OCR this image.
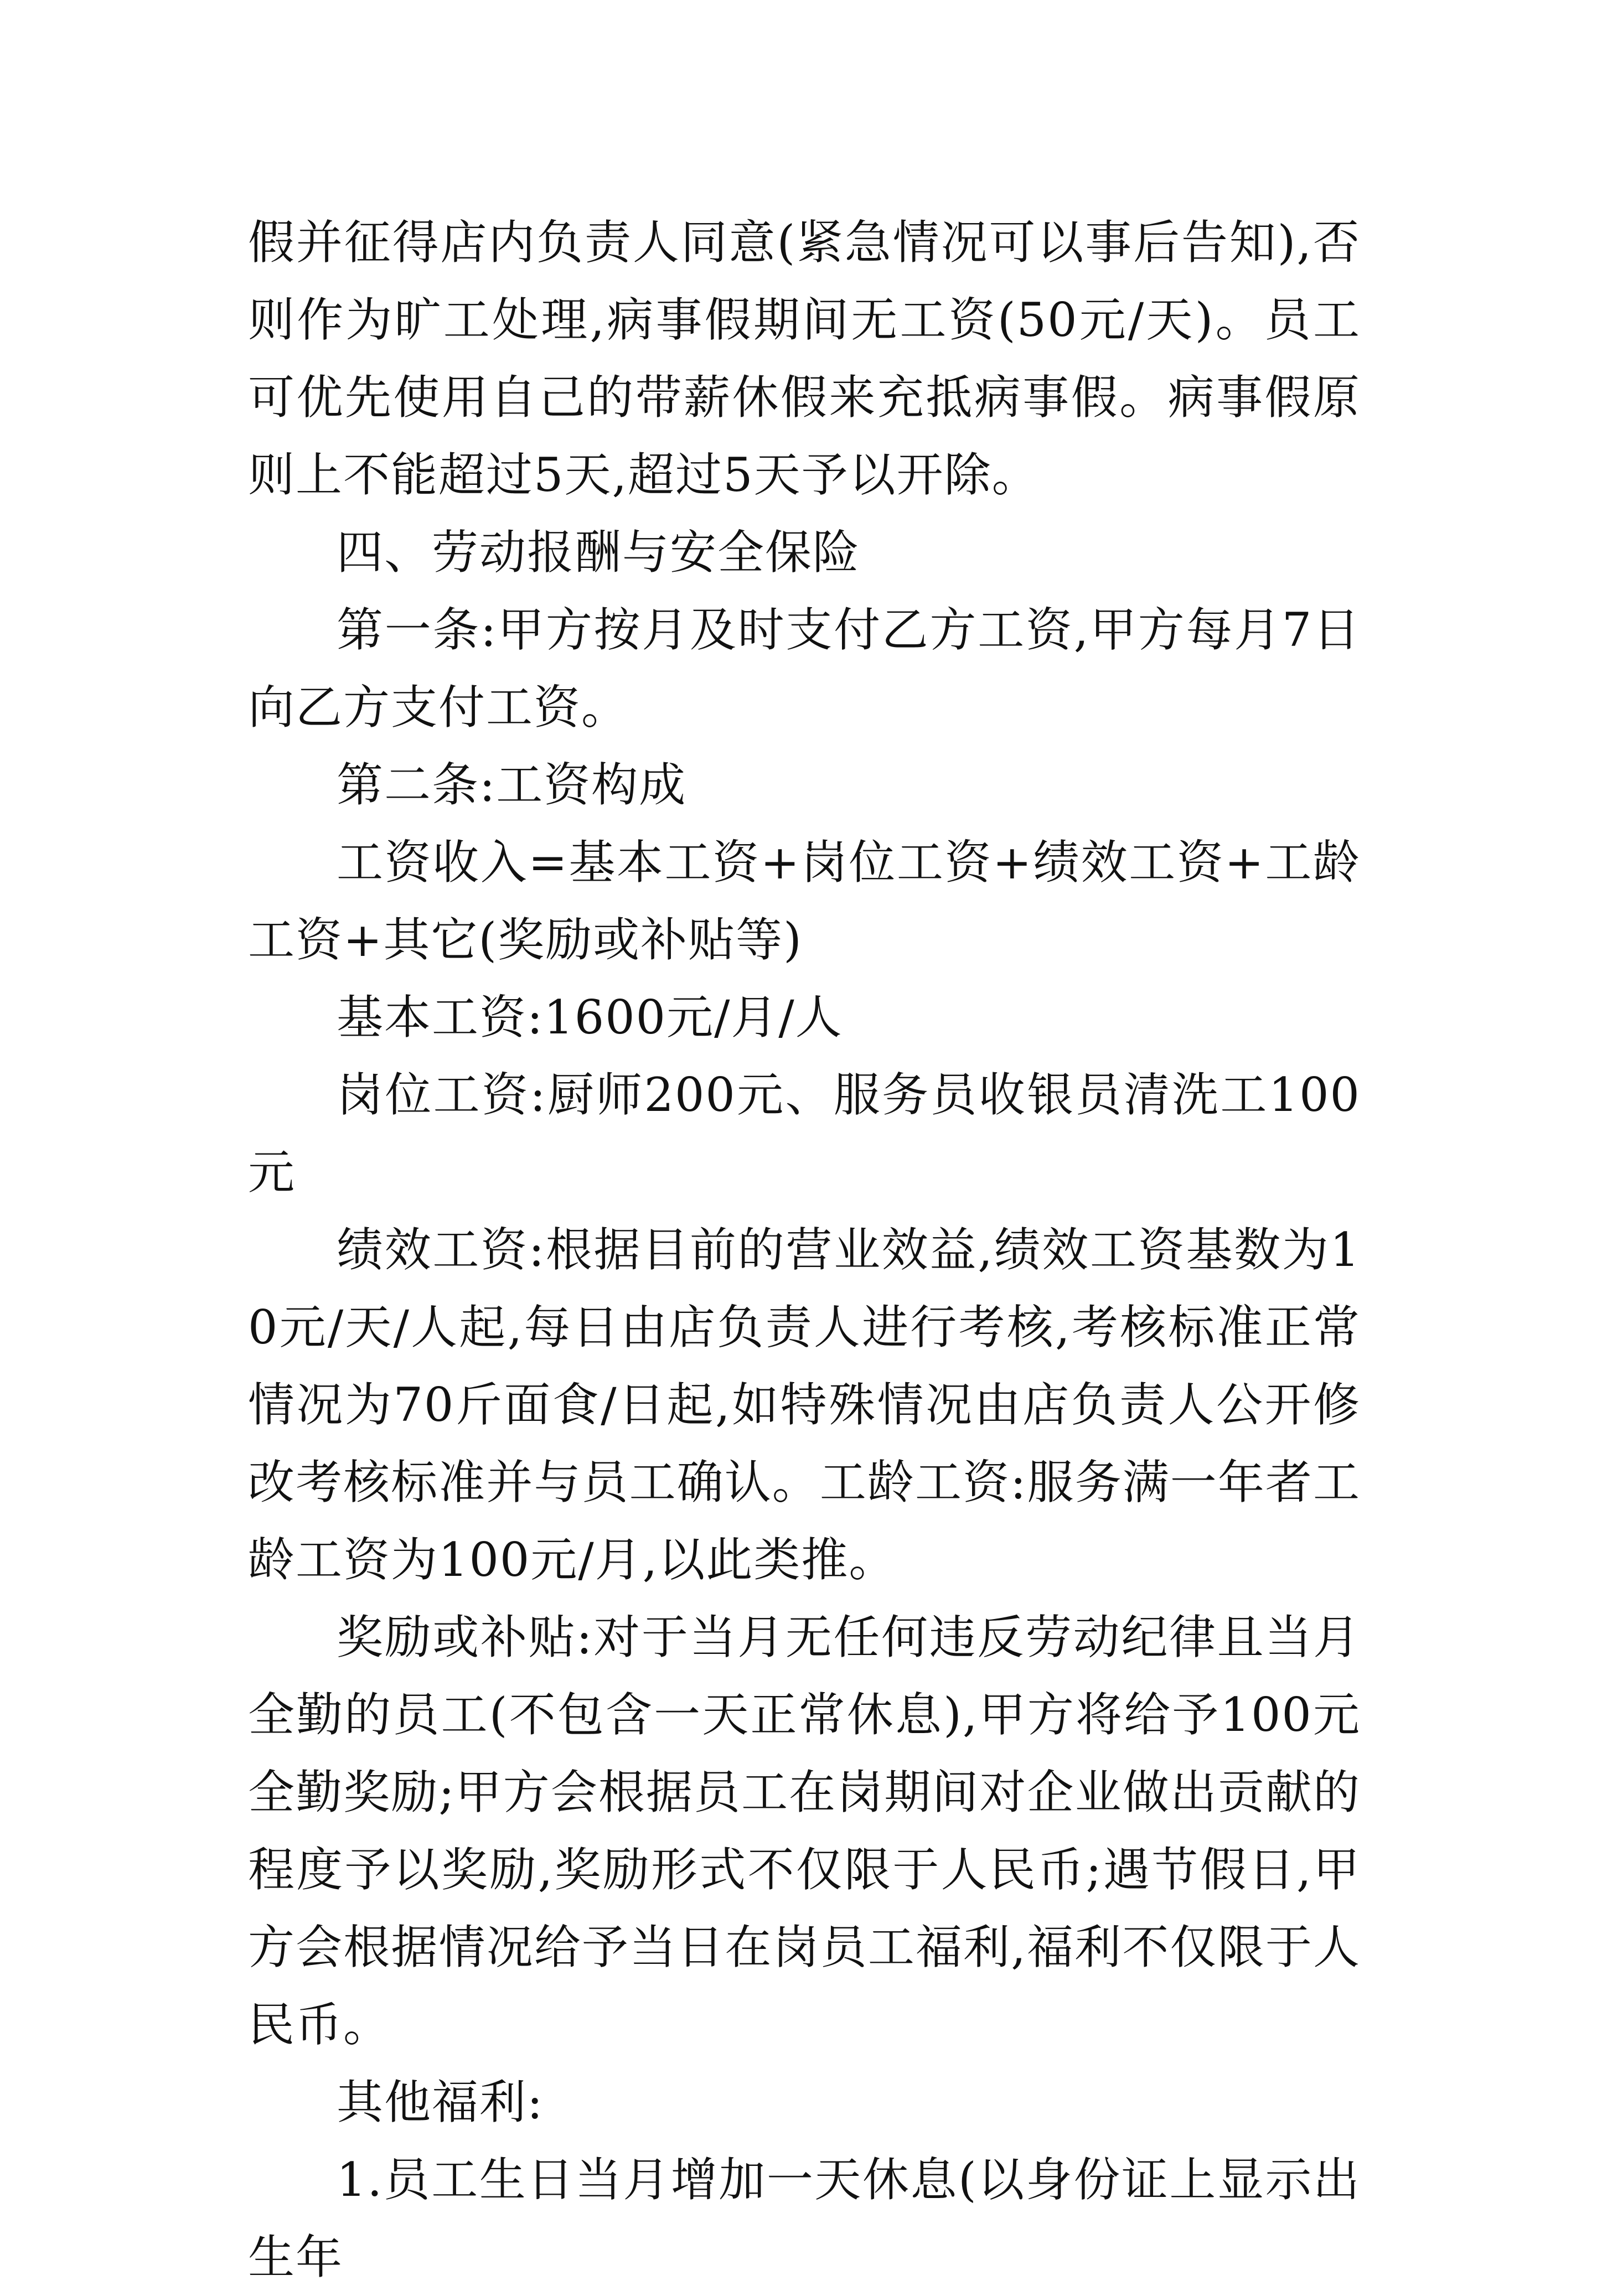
假并征得店内负责人同意(紧急情况可以事后告知),否则作为旷工处理,病事假期间无工资(50元/天)。员工可优先使用自己的带薪休假来充抵病事假。病事假原则上不能超过5天,超过5天予以开除。

四、劳动报酬与安全保险

第一条:甲方按月及时支付乙方工资,甲方每月7日向乙方支付工资。

第二条:工资构成

工资收入=基本工资+岗位工资+绩效工资+工龄工资+其它(奖励或补贴等)

基本工资:1600元/月/人

岗位工资:厨师200元、服务员收银员清洗工100元

绩效工资:根据目前的营业效益,绩效工资基数为10元/天/人起,每日由店负责人进行考核,考核标准正常情况为70斤面食/日起,如特殊情况由店负责人公开修改考核标准并与员工确认。工龄工资:服务满一年者工龄工资为100元/月,以此类推。

奖励或补贴:对于当月无任何违反劳动纪律且当月全勤的员工(不包含一天正常休息),甲方将给予100元全勤奖励;甲方会根据员工在岗期间对企业做出贡献的程度予以奖励,奖励形式不仅限于人民币;遇节假日,甲方会根据情况给予当日在岗员工福利,福利不仅限于人民币。

其他福利:

1.员工生日当月增加一天休息(以身份证上显示出生年
